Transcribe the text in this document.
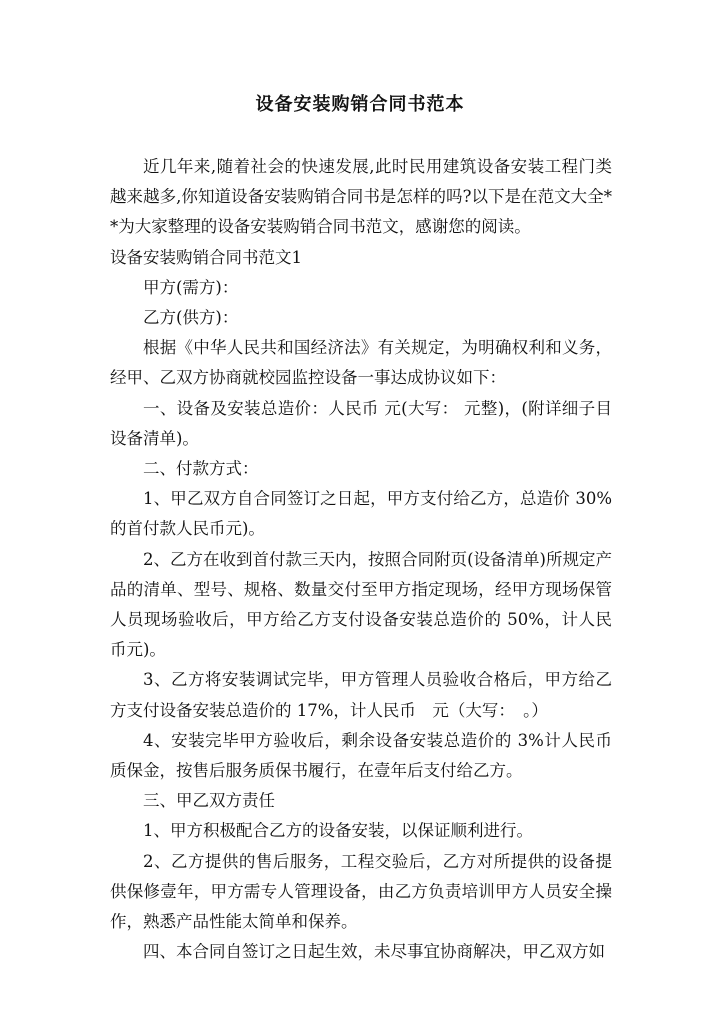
设备安装购销合同书范本

近几年来,随着社会的快速发展,此时民用建筑设备安装工程门类越来越多,你知道设备安装购销合同书是怎样的吗?以下是在范文大全**为大家整理的设备安装购销合同书范文，感谢您的阅读。

设备安装购销合同书范文1

甲方(需方)：

乙方(供方)：

根据《中华人民共和国经济法》有关规定，为明确权利和义务，经甲、乙双方协商就校园监控设备一事达成协议如下：

一、设备及安装总造价：人民币 元(大写： 元整)，(附详细子目设备清单)。

二、付款方式：

1、甲乙双方自合同签订之日起，甲方支付给乙方，总造价 30%的首付款人民币元)。

2、乙方在收到首付款三天内，按照合同附页(设备清单)所规定产品的清单、型号、规格、数量交付至甲方指定现场，经甲方现场保管人员现场验收后，甲方给乙方支付设备安装总造价的 50%，计人民币元)。

3、乙方将安装调试完毕，甲方管理人员验收合格后，甲方给乙方支付设备安装总造价的 17%，计人民币　元（大写：　。）

4、安装完毕甲方验收后，剩余设备安装总造价的 3%计人民币质保金，按售后服务质保书履行，在壹年后支付给乙方。

三、甲乙双方责任

1、甲方积极配合乙方的设备安装，以保证顺利进行。

2、乙方提供的售后服务，工程交验后，乙方对所提供的设备提供保修壹年，甲方需专人管理设备，由乙方负责培训甲方人员安全操作，熟悉产品性能太简单和保养。

四、本合同自签订之日起生效，未尽事宜协商解决，甲乙双方如
